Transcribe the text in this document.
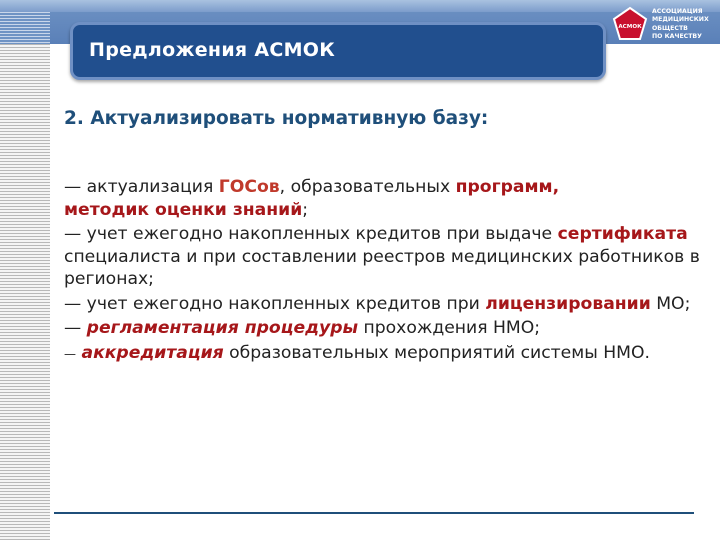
Предложения АСМОК
АСМОК
АССОЦИАЦИЯ
МЕДИЦИНСКИХ
ОБЩЕСТВ
ПО КАЧЕСТВУ
2. Актуализировать нормативную базу:

— актуализация ГОСов, образовательных программ,
методик оценки знаний;

— учет ежегодно накопленных кредитов при выдаче сертификата специалиста и при составлении реестров медицинских работников в регионах;

— учет ежегодно накопленных кредитов при лицензировании МО;

— регламентация процедуры прохождения НМО;

— аккредитация образовательных мероприятий системы НМО.
